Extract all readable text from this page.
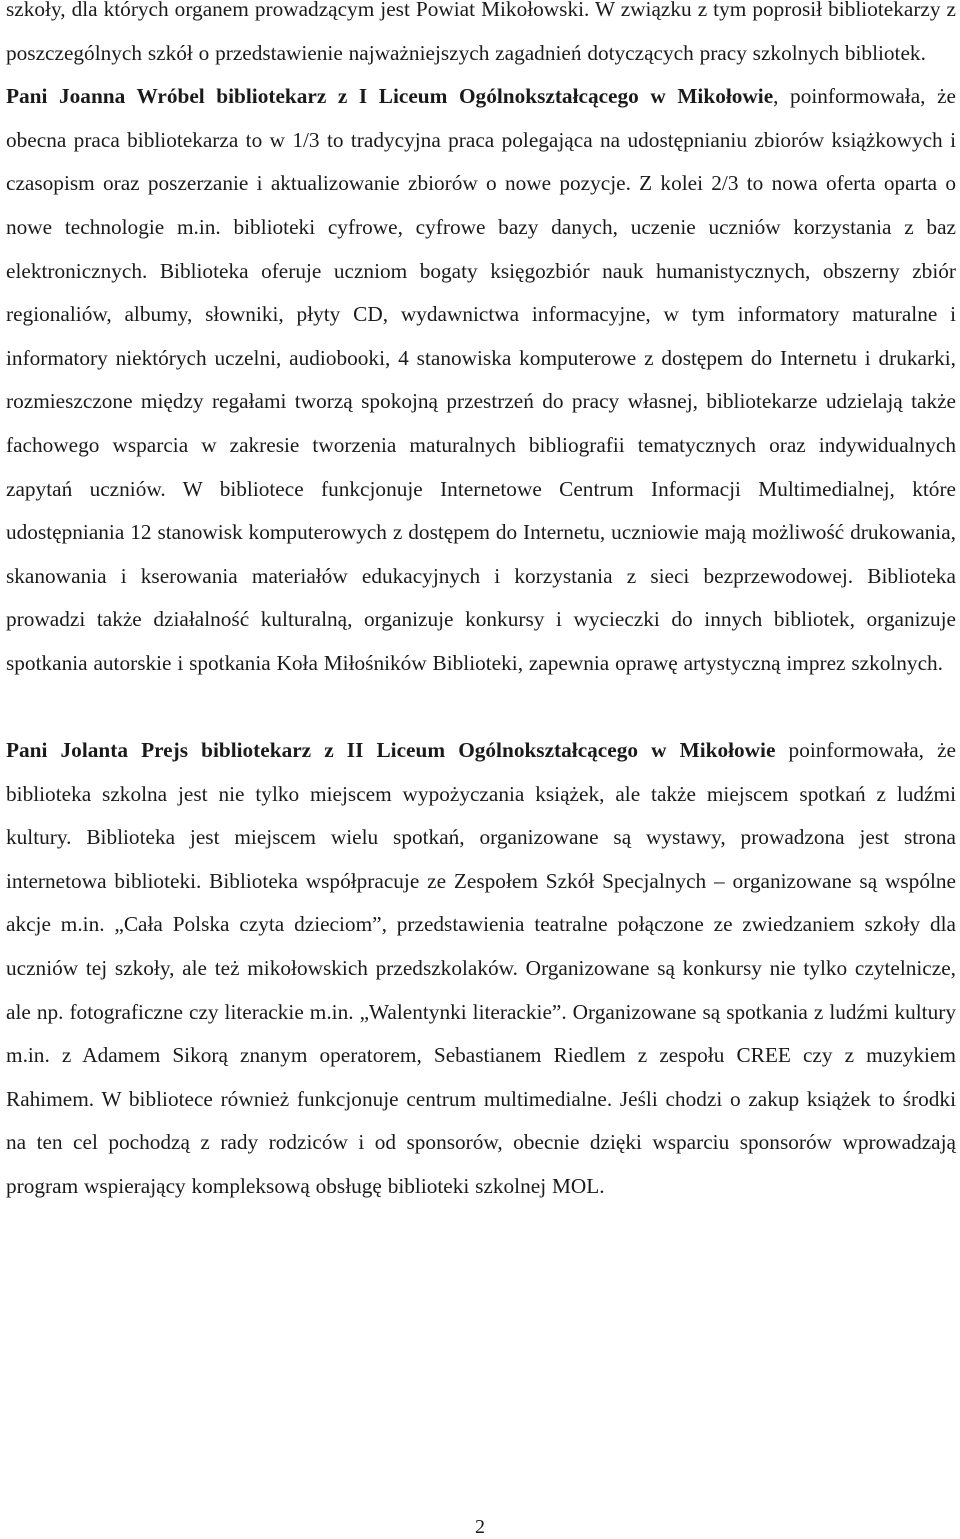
szkoły, dla których organem prowadzącym jest Powiat Mikołowski. W związku z tym poprosił bibliotekarzy z poszczególnych szkół o przedstawienie najważniejszych zagadnień dotyczących pracy szkolnych bibliotek.

Pani Joanna Wróbel bibliotekarz z I Liceum Ogólnokształcącego w Mikołowie, poinformowała, że obecna praca bibliotekarza to w 1/3 to tradycyjna praca polegająca na udostępnianiu zbiorów książkowych i czasopism oraz poszerzanie i aktualizowanie zbiorów o nowe pozycje. Z kolei 2/3 to nowa oferta oparta o nowe technologie m.in. biblioteki cyfrowe, cyfrowe bazy danych, uczenie uczniów korzystania z baz elektronicznych. Biblioteka oferuje uczniom bogaty księgozbiór nauk humanistycznych, obszerny zbiór regionaliów, albumy, słowniki, płyty CD, wydawnictwa informacyjne, w tym informatory maturalne i informatory niektórych uczelni, audiobooki, 4 stanowiska komputerowe z dostępem do Internetu i drukarki, rozmieszczone między regałami tworzą spokojną przestrzeń do pracy własnej, bibliotekarze udzielają także fachowego wsparcia w zakresie tworzenia maturalnych bibliografii tematycznych oraz indywidualnych zapytań uczniów. W bibliotece funkcjonuje Internetowe Centrum Informacji Multimedialnej, które udostępniania 12 stanowisk komputerowych z dostępem do Internetu, uczniowie mają możliwość drukowania, skanowania i kserowania materiałów edukacyjnych i korzystania z sieci bezprzewodowej. Biblioteka prowadzi także działalność kulturalną, organizuje konkursy i wycieczki do innych bibliotek, organizuje spotkania autorskie i spotkania Koła Miłośników Biblioteki, zapewnia oprawę artystyczną imprez szkolnych.

Pani Jolanta Prejs bibliotekarz z II Liceum Ogólnokształcącego w Mikołowie poinformowała, że biblioteka szkolna jest nie tylko miejscem wypożyczania książek, ale także miejscem spotkań z ludźmi kultury. Biblioteka jest miejscem wielu spotkań, organizowane są wystawy, prowadzona jest strona internetowa biblioteki. Biblioteka współpracuje ze Zespołem Szkół Specjalnych – organizowane są wspólne akcje m.in. „Cała Polska czyta dzieciom”, przedstawienia teatralne połączone ze zwiedzaniem szkoły dla uczniów tej szkoły, ale też mikołowskich przedszkolaków. Organizowane są konkursy nie tylko czytelnicze, ale np. fotograficzne czy literackie m.in. „Walentynki literackie”. Organizowane są spotkania z ludźmi kultury m.in. z Adamem Sikorą znanym operatorem, Sebastianem Riedlem z zespołu CREE czy z muzykiem Rahimem. W bibliotece również funkcjonuje centrum multimedialne. Jeśli chodzi o zakup książek to środki na ten cel pochodzą z rady rodziców i od sponsorów, obecnie dzięki wsparciu sponsorów wprowadzają program wspierający kompleksową obsługę biblioteki szkolnej MOL.

2
